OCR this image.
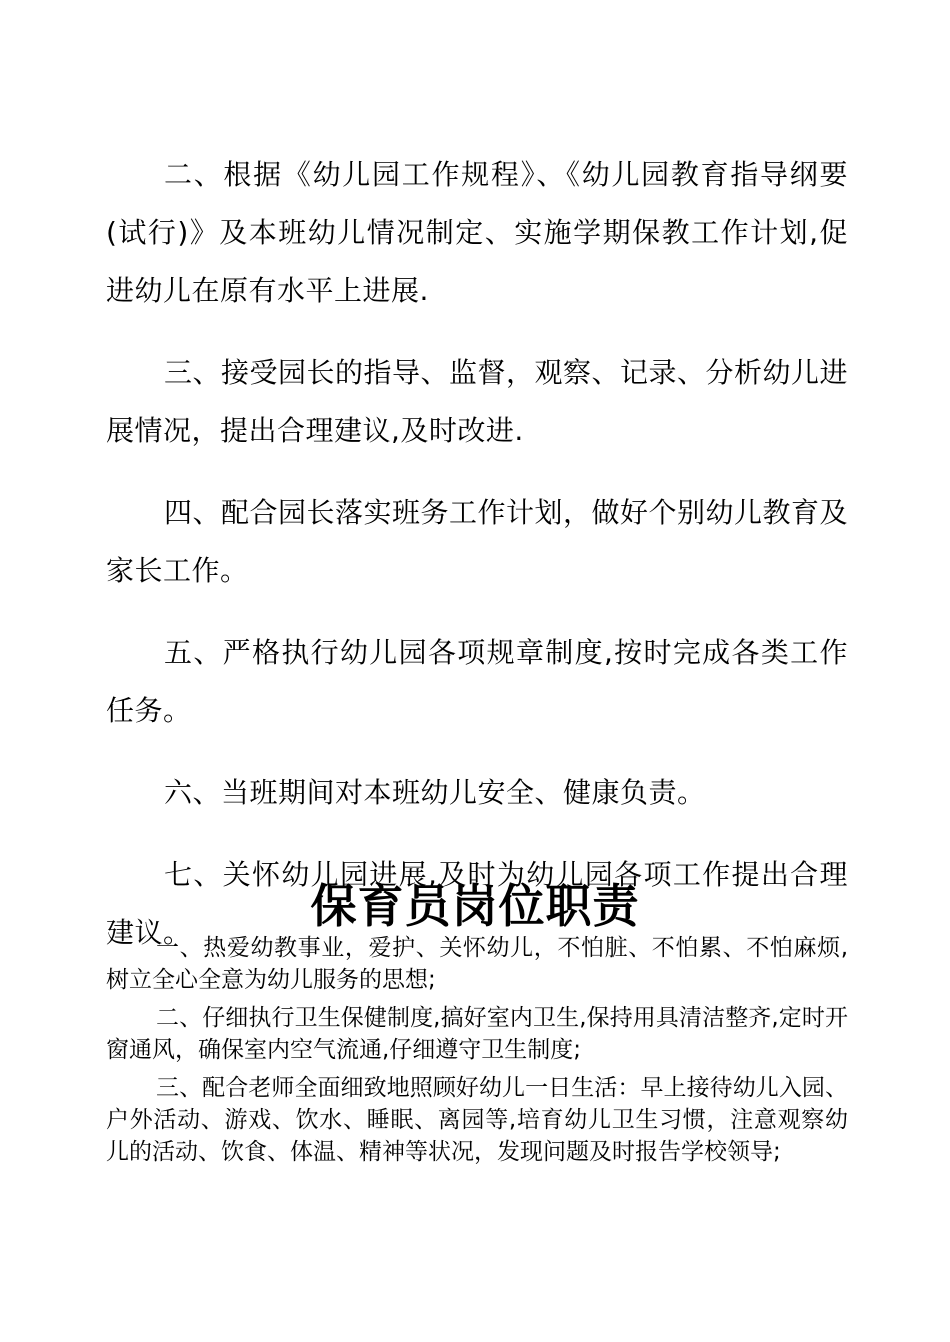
二、根据《幼儿园工作规程》、《幼儿园教育指导纲要(试行)》及本班幼儿情况制定、实施学期保教工作计划,促进幼儿在原有水平上进展.

三、接受园长的指导、监督，观察、记录、分析幼儿进展情况，提出合理建议,及时改进.

四、配合园长落实班务工作计划，做好个别幼儿教育及家长工作。

五、严格执行幼儿园各项规章制度,按时完成各类工作任务。

六、当班期间对本班幼儿安全、健康负责。

七、关怀幼儿园进展,及时为幼儿园各项工作提出合理建议。	保育员岗位职责

一、热爱幼教事业，爱护、关怀幼儿，不怕脏、不怕累、不怕麻烦,树立全心全意为幼儿服务的思想;

二、仔细执行卫生保健制度,搞好室内卫生,保持用具清洁整齐,定时开窗通风，确保室内空气流通,仔细遵守卫生制度;

三、配合老师全面细致地照顾好幼儿一日生活：早上接待幼儿入园、户外活动、游戏、饮水、睡眠、离园等,培育幼儿卫生习惯，注意观察幼儿的活动、饮食、体温、精神等状况，发现问题及时报告学校领导;
